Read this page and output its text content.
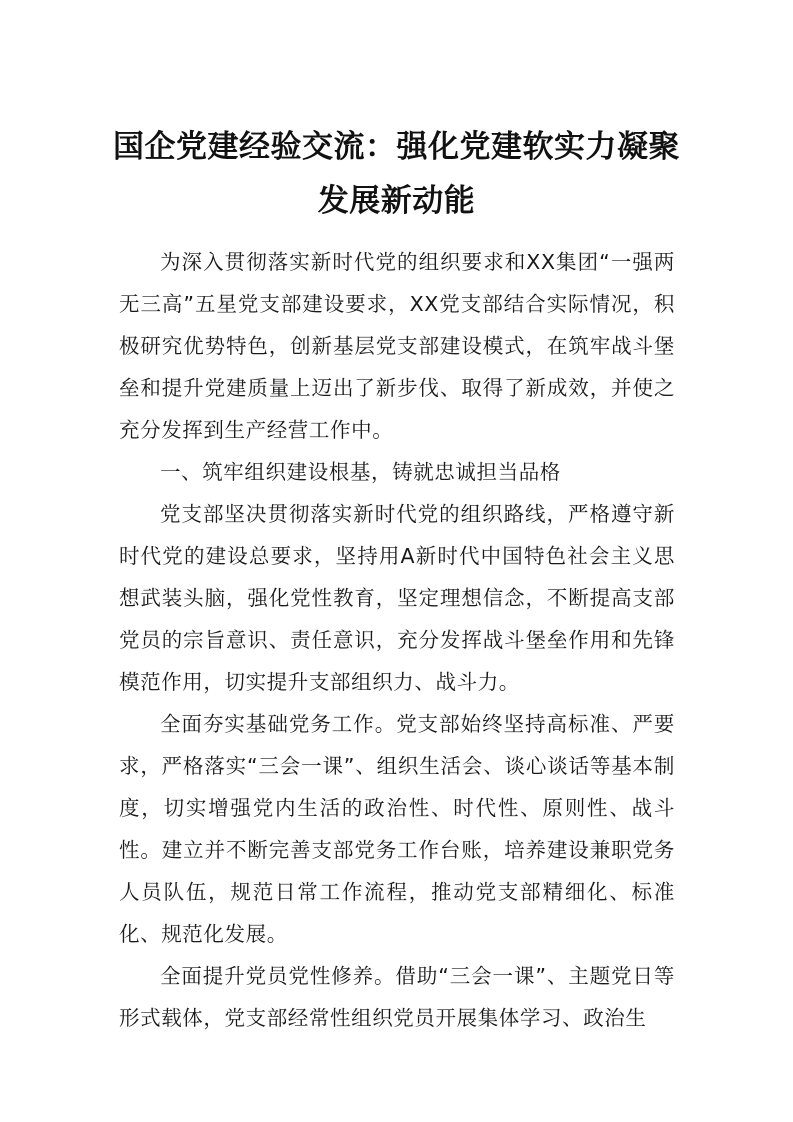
国企党建经验交流：强化党建软实力凝聚发展新动能

为深入贯彻落实新时代党的组织要求和XX集团“一强两无三高”五星党支部建设要求，XX党支部结合实际情况，积极研究优势特色，创新基层党支部建设模式，在筑牢战斗堡垒和提升党建质量上迈出了新步伐、取得了新成效，并使之充分发挥到生产经营工作中。

一、筑牢组织建设根基，铸就忠诚担当品格

党支部坚决贯彻落实新时代党的组织路线，严格遵守新时代党的建设总要求，坚持用A新时代中国特色社会主义思想武装头脑，强化党性教育，坚定理想信念，不断提高支部党员的宗旨意识、责任意识，充分发挥战斗堡垒作用和先锋模范作用，切实提升支部组织力、战斗力。

全面夯实基础党务工作。党支部始终坚持高标准、严要求，严格落实“三会一课”、组织生活会、谈心谈话等基本制度，切实增强党内生活的政治性、时代性、原则性、战斗性。建立并不断完善支部党务工作台账，培养建设兼职党务人员队伍，规范日常工作流程，推动党支部精细化、标准化、规范化发展。

全面提升党员党性修养。借助“三会一课”、主题党日等形式载体，党支部经常性组织党员开展集体学习、政治生
